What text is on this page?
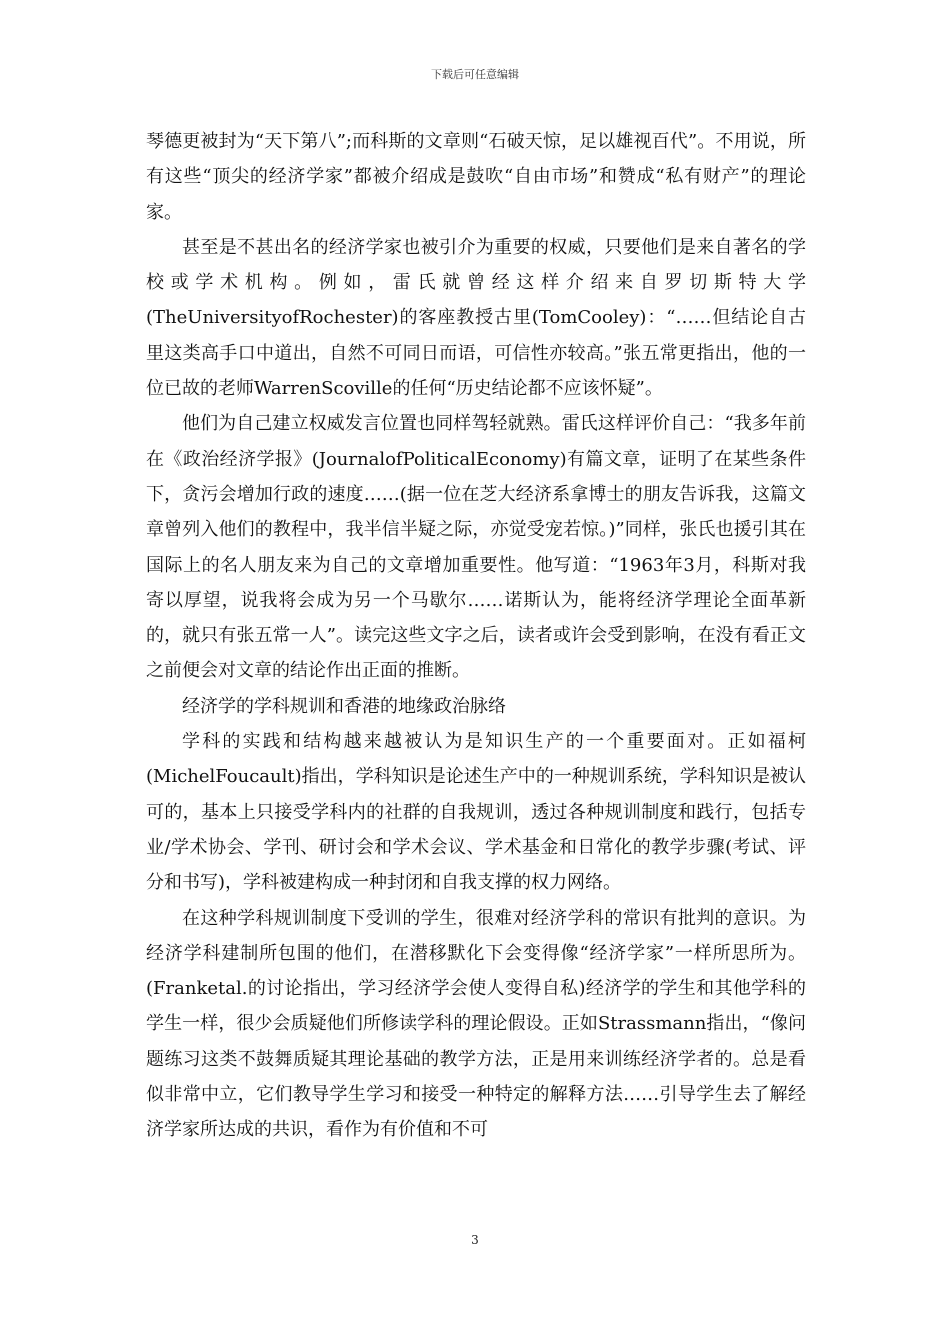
下载后可任意编辑

琴德更被封为“天下第八”;而科斯的文章则“石破天惊，足以雄视百代”。不用说，所有这些“顶尖的经济学家”都被介绍成是鼓吹“自由市场”和赞成“私有财产”的理论家。

甚至是不甚出名的经济学家也被引介为重要的权威，只要他们是来自著名的学校或学术机构。例如，雷氏就曾经这样介绍来自罗切斯特大学(TheUniversityofRochester)的客座教授古里(TomCooley)：“……但结论自古里这类高手口中道出，自然不可同日而语，可信性亦较高。”张五常更指出，他的一位已故的老师WarrenScoville的任何“历史结论都不应该怀疑”。

他们为自己建立权威发言位置也同样驾轻就熟。雷氏这样评价自己：“我多年前在《政治经济学报》(JournalofPoliticalEconomy)有篇文章，证明了在某些条件下，贪污会增加行政的速度……(据一位在芝大经济系拿博士的朋友告诉我，这篇文章曾列入他们的教程中，我半信半疑之际，亦觉受宠若惊。)”同样，张氏也援引其在国际上的名人朋友来为自己的文章增加重要性。他写道：“1963年3月，科斯对我寄以厚望，说我将会成为另一个马歇尔……诺斯认为，能将经济学理论全面革新的，就只有张五常一人”。读完这些文字之后，读者或许会受到影响，在没有看正文之前便会对文章的结论作出正面的推断。

经济学的学科规训和香港的地缘政治脉络

学科的实践和结构越来越被认为是知识生产的一个重要面对。正如福柯(MichelFoucault)指出，学科知识是论述生产中的一种规训系统，学科知识是被认可的，基本上只接受学科内的社群的自我规训，透过各种规训制度和践行，包括专业/学术协会、学刊、研讨会和学术会议、学术基金和日常化的教学步骤(考试、评分和书写)，学科被建构成一种封闭和自我支撑的权力网络。

在这种学科规训制度下受训的学生，很难对经济学科的常识有批判的意识。为经济学科建制所包围的他们，在潜移默化下会变得像“经济学家”一样所思所为。(Franketal.的讨论指出，学习经济学会使人变得自私)经济学的学生和其他学科的学生一样，很少会质疑他们所修读学科的理论假设。正如Strassmann指出，“像问题练习这类不鼓舞质疑其理论基础的教学方法，正是用来训练经济学者的。总是看似非常中立，它们教导学生学习和接受一种特定的解释方法……引导学生去了解经济学家所达成的共识，看作为有价值和不可

3
